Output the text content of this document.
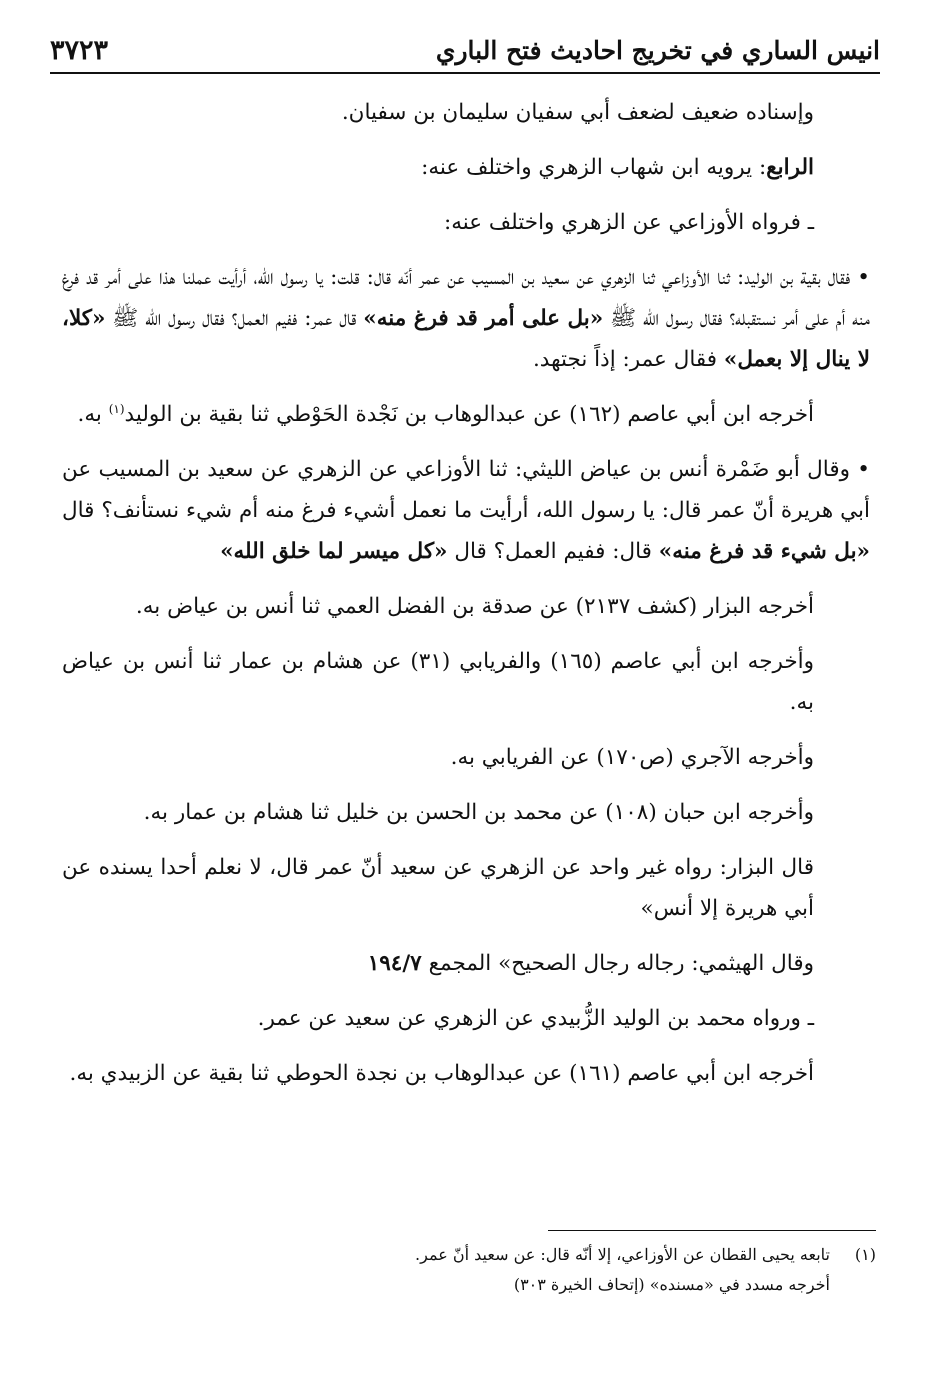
انيس الساري في تخريج احاديث فتح الباري
٣٧٢٣

وإسناده ضعيف لضعف أبي سفيان سليمان بن سفيان.

الرابع: يرويه ابن شهاب الزهري واختلف عنه:

ـ فرواه الأوزاعي عن الزهري واختلف عنه:

• فقال بقية بن الوليد: ثنا الأوزاعي ثنا الزهري عن سعيد بن المسيب عن عمر أنّه قال: قلت: يا رسول الله، أرأيت عملنا هذا على أمر قد فرغ منه أم على أمر نستقبله؟ فقال رسول الله ﷺ «بل على أمر قد فرغ منه» قال عمر: ففيم العمل؟ فقال رسول الله ﷺ «كلا، لا ينال إلا بعمل» فقال عمر: إذاً نجتهد.

أخرجه ابن أبي عاصم (١٦٢) عن عبدالوهاب بن نَجْدة الحَوْطي ثنا بقية بن الوليد$^{(١)}$ به.

• وقال أبو ضَمْرة أنس بن عياض الليثي: ثنا الأوزاعي عن الزهري عن سعيد بن المسيب عن أبي هريرة أنّ عمر قال: يا رسول الله، أرأيت ما نعمل أشيء فرغ منه أم شيء نستأنف؟ قال «بل شيء قد فرغ منه» قال: ففيم العمل؟ قال «كل ميسر لما خلق الله»

أخرجه البزار (كشف ٢١٣٧) عن صدقة بن الفضل العمي ثنا أنس بن عياض به.

وأخرجه ابن أبي عاصم (١٦٥) والفريابي (٣١) عن هشام بن عمار ثنا أنس بن عياض به.

وأخرجه الآجري (ص١٧٠) عن الفريابي به.

وأخرجه ابن حبان (١٠٨) عن محمد بن الحسن بن خليل ثنا هشام بن عمار به.

قال البزار: رواه غير واحد عن الزهري عن سعيد أنّ عمر قال، لا نعلم أحدا يسنده عن أبي هريرة إلا أنس»

وقال الهيثمي: رجاله رجال الصحيح» المجمع ١٩٤/٧

ـ ورواه محمد بن الوليد الزُّبيدي عن الزهري عن سعيد عن عمر.

أخرجه ابن أبي عاصم (١٦١) عن عبدالوهاب بن نجدة الحوطي ثنا بقية عن الزبيدي به.

(١)تابعه يحيى القطان عن الأوزاعي، إلا أنّه قال: عن سعيد أنّ عمر.

أخرجه مسدد في «مسنده» (إتحاف الخيرة ٣٠٣)
